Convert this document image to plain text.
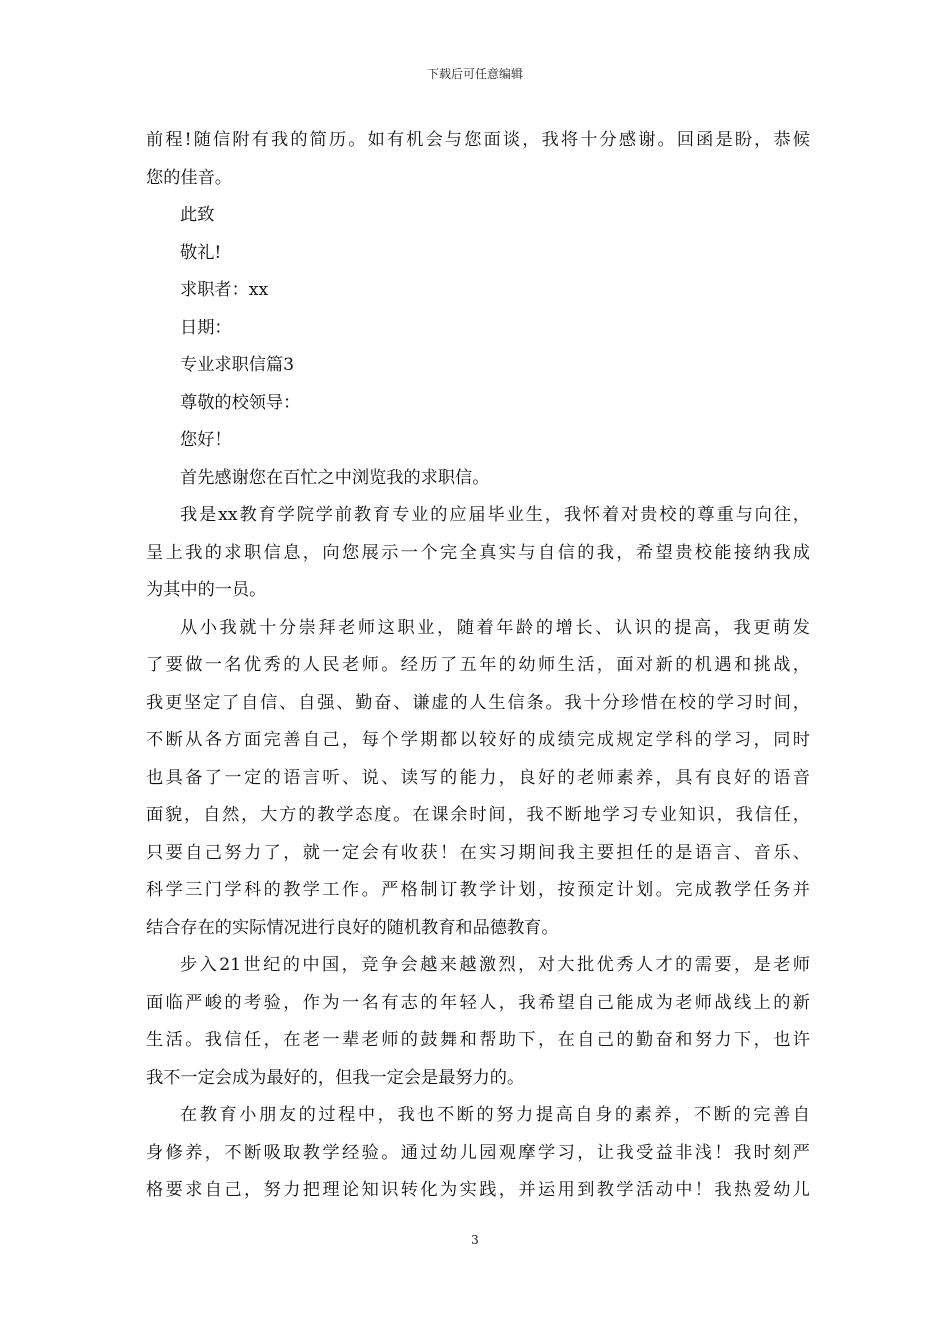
下载后可任意编辑
前程!随信附有我的简历。如有机会与您面谈，我将十分感谢。回函是盼，恭候
您的佳音。
此致
敬礼!
求职者：xx
日期：
专业求职信篇3
尊敬的校领导：
您好！
首先感谢您在百忙之中浏览我的求职信。
我是xx教育学院学前教育专业的应届毕业生，我怀着对贵校的尊重与向往，
呈上我的求职信息，向您展示一个完全真实与自信的我，希望贵校能接纳我成
为其中的一员。
从小我就十分崇拜老师这职业，随着年龄的增长、认识的提高，我更萌发
了要做一名优秀的人民老师。经历了五年的幼师生活，面对新的机遇和挑战，
我更坚定了自信、自强、勤奋、谦虚的人生信条。我十分珍惜在校的学习时间，
不断从各方面完善自己，每个学期都以较好的成绩完成规定学科的学习，同时
也具备了一定的语言听、说、读写的能力，良好的老师素养，具有良好的语音
面貌，自然，大方的教学态度。在课余时间，我不断地学习专业知识，我信任，
只要自己努力了，就一定会有收获！在实习期间我主要担任的是语言、音乐、
科学三门学科的教学工作。严格制订教学计划，按预定计划。完成教学任务并
结合存在的实际情况进行良好的随机教育和品德教育。
步入21世纪的中国，竞争会越来越激烈，对大批优秀人才的需要，是老师
面临严峻的考验，作为一名有志的年轻人，我希望自己能成为老师战线上的新
生活。我信任，在老一辈老师的鼓舞和帮助下，在自己的勤奋和努力下，也许
我不一定会成为最好的，但我一定会是最努力的。
在教育小朋友的过程中，我也不断的努力提高自身的素养，不断的完善自
身修养，不断吸取教学经验。通过幼儿园观摩学习，让我受益非浅！我时刻严
格要求自己，努力把理论知识转化为实践，并运用到教学活动中！我热爱幼儿
3
